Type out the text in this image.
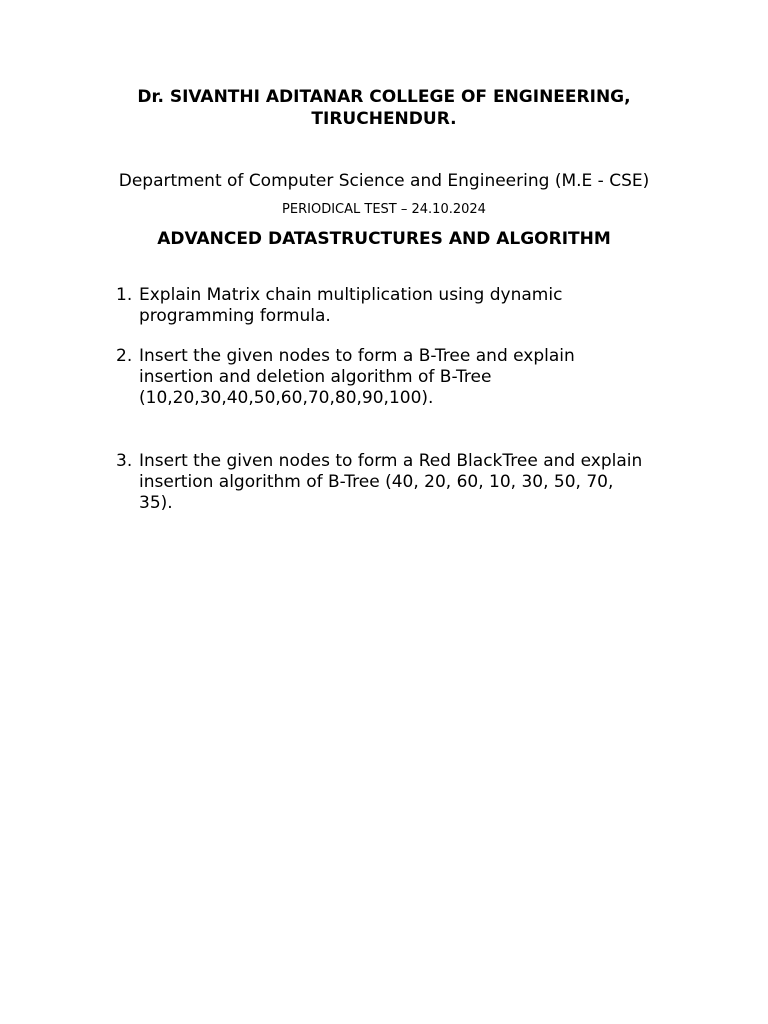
Dr. SIVANTHI ADITANAR COLLEGE OF ENGINEERING,
TIRUCHENDUR.
Department of Computer Science and Engineering (M.E - CSE)
PERIODICAL TEST – 24.10.2024
ADVANCED DATASTRUCTURES AND ALGORITHM
1. Explain Matrix chain multiplication using dynamic
programming formula.
2. Insert the given nodes to form a B-Tree and explain
insertion and deletion algorithm of B-Tree
(10,20,30,40,50,60,70,80,90,100).
3. Insert the given nodes to form a Red BlackTree and explain
insertion algorithm of B-Tree (40, 20, 60, 10, 30, 50, 70,
35).
